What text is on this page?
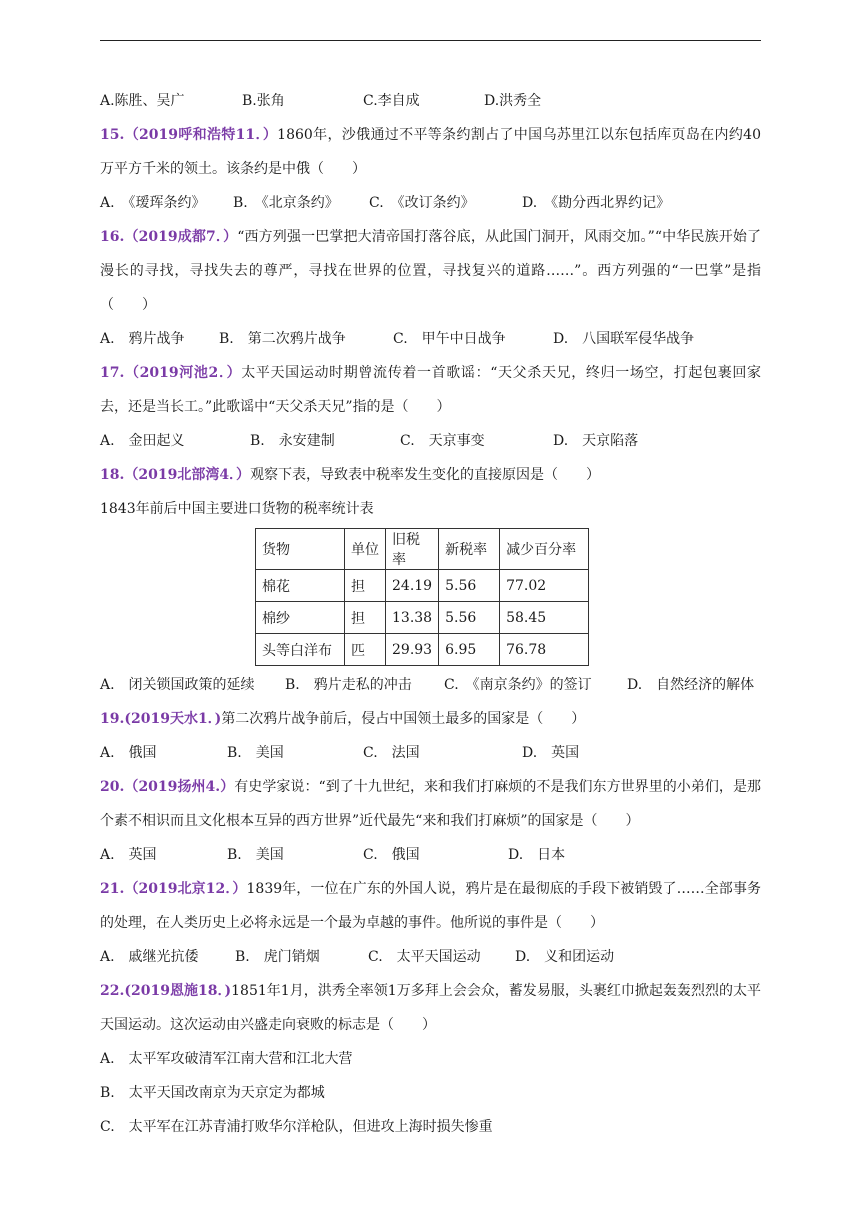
A.陈胜、吴广	B.张角	C.李自成	D.洪秀全
15.（2019呼和浩特11．）1860年，沙俄通过不平等条约割占了中国乌苏里江以东包括库页岛在内约40万平方千米的领土。该条约是中俄（　　）
A.　《瑷珲条约》	B.　《北京条约》	C.　《改订条约》	D.　《勘分西北界约记》
16.（2019成都7．）“西方列强一巴掌把大清帝国打落谷底，从此国门洞开，风雨交加。”“中华民族开始了漫长的寻找，寻找失去的尊严，寻找在世界的位置，寻找复兴的道路……”。西方列强的“一巴掌”是指（　　）
A.　鸦片战争	B.　第二次鸦片战争	C.　甲午中日战争	D.　八国联军侵华战争
17.（2019河池2．）太平天国运动时期曾流传着一首歌谣：“天父杀天兄，终归一场空，打起包裹回家去，还是当长工。”此歌谣中“天父杀天兄”指的是（　　）
A.　金田起义	B.　永安建制	C.　天京事变	D.　天京陷落
18.（2019北部湾4．）观察下表，导致表中税率发生变化的直接原因是（　　）
1843年前后中国主要进口货物的税率统计表
货物	单位	旧税率	新税率	减少百分率
棉花	担	24.19	5.56	77.02
棉纱	担	13.38	5.56	58.45
头等白洋布	匹	29.93	6.95	76.78
A.　闭关锁国政策的延续	B.　鸦片走私的冲击	C.　《南京条约》的签订	D.　自然经济的解体
19.(2019天水1．)第二次鸦片战争前后，侵占中国领土最多的国家是（　　）
A.　俄国	B.　美国	C.　法国	D.　英国
20.（2019扬州4.）有史学家说：“到了十九世纪，来和我们打麻烦的不是我们东方世界里的小弟们，是那个素不相识而且文化根本互异的西方世界”近代最先“来和我们打麻烦”的国家是（　　）
A.　英国	B.　美国	C.　俄国	D.　日本
21.（2019北京12．）1839年，一位在广东的外国人说，鸦片是在最彻底的手段下被销毁了……全部事务的处理，在人类历史上必将永远是一个最为卓越的事件。他所说的事件是（　　）
A.　戚继光抗倭	B.　虎门销烟	C.　太平天国运动	D.　义和团运动
22.(2019恩施18．)1851年1月，洪秀全率领1万多拜上会会众，蓄发易服，头裹红巾掀起轰轰烈烈的太平天国运动。这次运动由兴盛走向衰败的标志是（　　）
A.　太平军攻破清军江南大营和江北大营
B.　太平天国改南京为天京定为都城
C.　太平军在江苏青浦打败华尔洋枪队，但进攻上海时损失惨重
